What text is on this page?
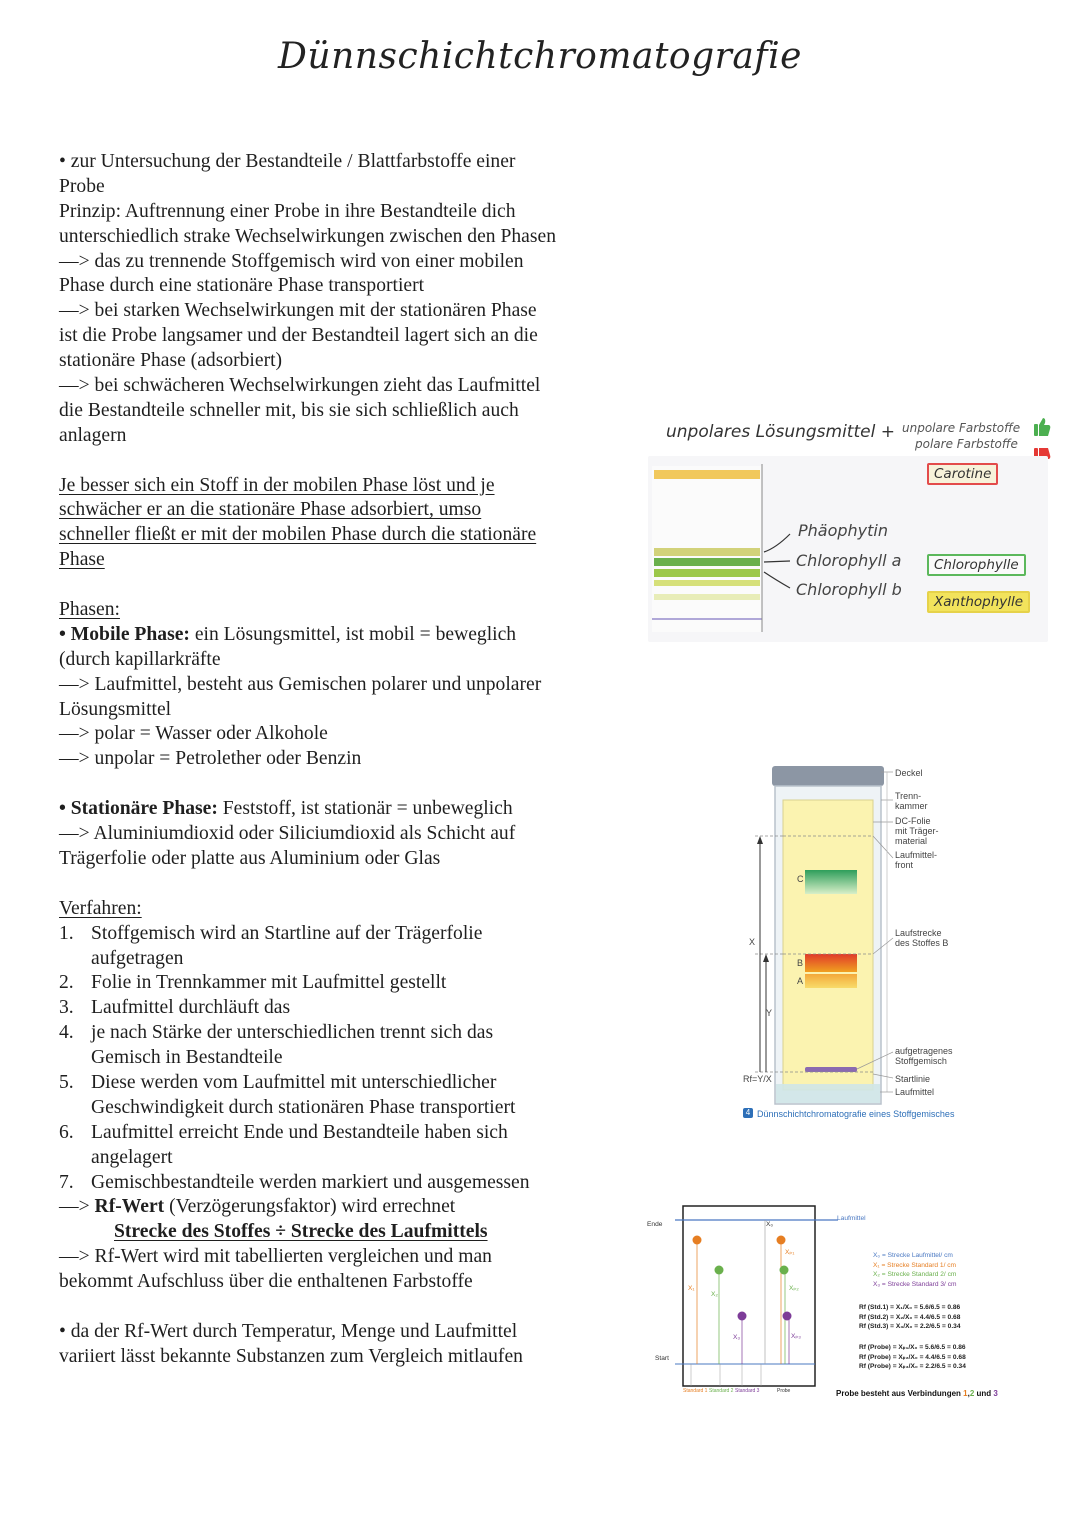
Dünnschichtchromatografie
• zur Untersuchung der Bestandteile / Blattfarbstoffe einer
Probe
Prinzip: Auftrennung einer Probe in ihre Bestandteile dich
unterschiedlich strake Wechselwirkungen zwischen den Phasen
—> das zu trennende Stoffgemisch wird von einer mobilen
Phase durch eine stationäre Phase transportiert
—> bei starken Wechselwirkungen mit der stationären Phase
ist die Probe langsamer und der Bestandteil lagert sich an die
stationäre Phase (adsorbiert)
—> bei schwächeren Wechselwirkungen zieht das Laufmittel
die Bestandteile schneller mit, bis sie sich schließlich auch
anlagern
Je besser sich ein Stoff in der mobilen Phase löst und je
schwächer er an die stationäre Phase adsorbiert, umso
schneller fließt er mit der mobilen Phase durch die stationäre
Phase
Phasen:
• Mobile Phase: ein Lösungsmittel, ist mobil = beweglich
(durch kapillarkräfte
—> Laufmittel, besteht aus Gemischen polarer und unpolarer
Lösungsmittel
—> polar = Wasser oder Alkohole
—> unpolar = Petrolether oder Benzin
• Stationäre Phase: Feststoff, ist stationär = unbeweglich
—> Aluminiumdioxid oder Siliciumdioxid als Schicht auf
Trägerfolie oder platte aus Aluminium oder Glas
Verfahren:
1. Stoffgemisch wird an Startline auf der Trägerfolie
aufgetragen
2. Folie in Trennkammer mit Laufmittel gestellt
3. Laufmittel durchläuft das
4. je nach Stärke der unterschiedlichen trennt sich das
Gemisch in Bestandteile
5. Diese werden vom Laufmittel mit unterschiedlicher
Geschwindigkeit durch stationären Phase transportiert
6. Laufmittel erreicht Ende und Bestandteile haben sich
angelagert
7. Gemischbestandteile werden markiert und ausgemessen
—> Rf-Wert (Verzögerungsfaktor) wird errechnet
Strecke des Stoffes ÷ Strecke des Laufmittels
—> Rf-Wert wird mit tabellierten vergleichen und man
bekommt Aufschluss über die enthaltenen Farbstoffe
• da der Rf-Wert durch Temperatur, Menge und Laufmittel
variiert lässt bekannte Substanzen zum Vergleich mitlaufen
unpolares Lösungsmittel + unpolare Farbstoffe
polare Farbstoffe
Phäophytin
Chlorophyll a
Chlorophyll b
Carotine
Chlorophylle
Xanthophylle
Deckel
Trenn-
kammer
DC-Folie
mit Träger-
material
Laufmittel-
front
Laufstrecke
des Stoffes B
aufgetragenes
Stoffgemisch
Startlinie
Laufmittel
C
B
A
X
Y
Rf=Y/X
4 Dünnschichtchromatografie eines Stoffgemisches
Ende
Start
Laufmittel
X₀
X₁
X₂
X₃
Xₚ₁
Xₚ₂
Xₚ₃
Standard 1 Standard 2 Standard 3	Probe
X₀ = Strecke Laufmittel/ cm
X₁ = Strecke Standard 1/ cm
X₂ = Strecke Standard 2/ cm
X₃ = Strecke Standard 3/ cm
Rf (Std.1) = X₁/X₀ = 5.6/6.5 = 0.86
Rf (Std.2) = X₂/X₀ = 4.4/6.5 = 0.68
Rf (Std.3) = X₃/X₀ = 2.2/6.5 = 0.34
Rf (Probe) = Xₚ₁/X₀ = 5.6/6.5 = 0.86
Rf (Probe) = Xₚ₂/X₀ = 4.4/6.5 = 0.68
Rf (Probe) = Xₚ₃/X₀ = 2.2/6.5 = 0.34
Probe besteht aus Verbindungen 1,2 und 3
